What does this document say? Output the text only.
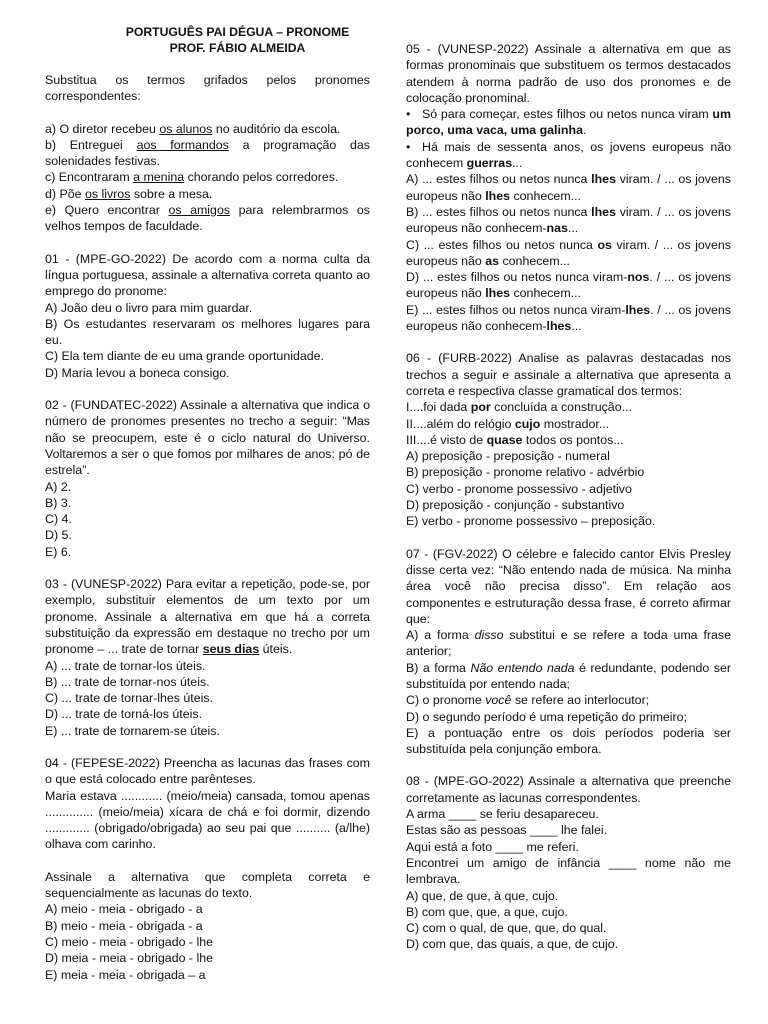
PORTUGUÊS PAI DÉGUA – PRONOME
PROF. FÁBIO ALMEIDA

Substitua os termos grifados pelos pronomes correspondentes:

a) O diretor recebeu os alunos no auditório da escola.

b) Entreguei aos formandos a programação das solenidades festivas.

c) Encontraram a menina chorando pelos corredores.

d) Põe os livros sobre a mesa.

e) Quero encontrar os amigos para relembrarmos os velhos tempos de faculdade.

01 - (MPE-GO-2022) De acordo com a norma culta da língua portuguesa, assinale a alternativa correta quanto ao emprego do pronome:

A) João deu o livro para mim guardar.
B) Os estudantes reservaram os melhores lugares para eu.
C) Ela tem diante de eu uma grande oportunidade.
D) Maria levou a boneca consigo.

02 - (FUNDATEC-2022) Assinale a alternativa que indica o número de pronomes presentes no trecho a seguir: “Mas não se preocupem, este é o ciclo natural do Universo. Voltaremos a ser o que fomos por milhares de anos: pó de estrela”.

A) 2.
B) 3.
C) 4.
D) 5.
E) 6.

03 - (VUNESP-2022) Para evitar a repetição, pode-se, por exemplo, substituir elementos de um texto por um pronome. Assinale a alternativa em que há a correta substituição da expressão em destaque no trecho por um pronome – ... trate de tornar seus dias úteis.

A) ... trate de tornar-los úteis.
B) ... trate de tornar-nos úteis.
C) ... trate de tornar-lhes úteis.
D) ... trate de torná-los úteis.
E) ... trate de tornarem-se úteis.

04 - (FEPESE-2022) Preencha as lacunas das frases com o que está colocado entre parênteses.

Maria estava ............ (meio/meia) cansada, tomou apenas .............. (meio/meia) xícara de chá e foi dormir, dizendo ............. (obrigado/obrigada) ao seu pai que .......... (a/lhe) olhava com carinho.

Assinale a alternativa que completa correta e sequencialmente as lacunas do texto.

A) meio - meia - obrigado - a
B) meio - meia - obrigada - a
C) meio - meia - obrigado - lhe
D) meia - meia - obrigado - lhe
E) meia - meia - obrigada – a

05 - (VUNESP-2022) Assinale a alternativa em que as formas pronominais que substituem os termos destacados atendem à norma padrão de uso dos pronomes e de colocação pronominal.

• Só para começar, estes filhos ou netos nunca viram um porco, uma vaca, uma galinha.

• Há mais de sessenta anos, os jovens europeus não conhecem guerras...

A) ... estes filhos ou netos nunca lhes viram. / ... os jovens europeus não lhes conhecem...

B) ... estes filhos ou netos nunca lhes viram. / ... os jovens europeus não conhecem-nas...

C) ... estes filhos ou netos nunca os viram. / ... os jovens europeus não as conhecem...

D) ... estes filhos ou netos nunca viram-nos. / ... os jovens europeus não lhes conhecem...

E) ... estes filhos ou netos nunca viram-lhes. / ... os jovens europeus não conhecem-lhes...

06 - (FURB-2022) Analise as palavras destacadas nos trechos a seguir e assinale a alternativa que apresenta a correta e respectiva classe gramatical dos termos:

I....foi dada por concluída a construção...
II....além do relógio cujo mostrador...
III....é visto de quase todos os pontos...
A) preposição - preposição - numeral
B) preposição - pronome relativo - advérbio
C) verbo - pronome possessivo - adjetivo
D) preposição - conjunção - substantivo
E) verbo - pronome possessivo – preposição.

07 - (FGV-2022) O célebre e falecido cantor Elvis Presley disse certa vez: “Não entendo nada de música. Na minha área você não precisa disso”. Em relação aos componentes e estruturação dessa frase, é correto afirmar que:

A) a forma disso substitui e se refere a toda uma frase anterior;

B) a forma Não entendo nada é redundante, podendo ser substituída por entendo nada;

C) o pronome você se refere ao interlocutor;

D) o segundo período é uma repetição do primeiro;

E) a pontuação entre os dois períodos poderia ser substituída pela conjunção embora.

08 - (MPE-GO-2022) Assinale a alternativa que preenche corretamente as lacunas correspondentes.

A arma ____ se feriu desapareceu.
Estas são as pessoas ____ lhe falei.
Aqui está a foto ____ me referi.
Encontrei um amigo de infância ____ nome não me lembrava.
A) que, de que, à que, cujo.
B) com que, que, a que, cujo.
C) com o qual, de que, que, do qual.
D) com que, das quais, a que, de cujo.
